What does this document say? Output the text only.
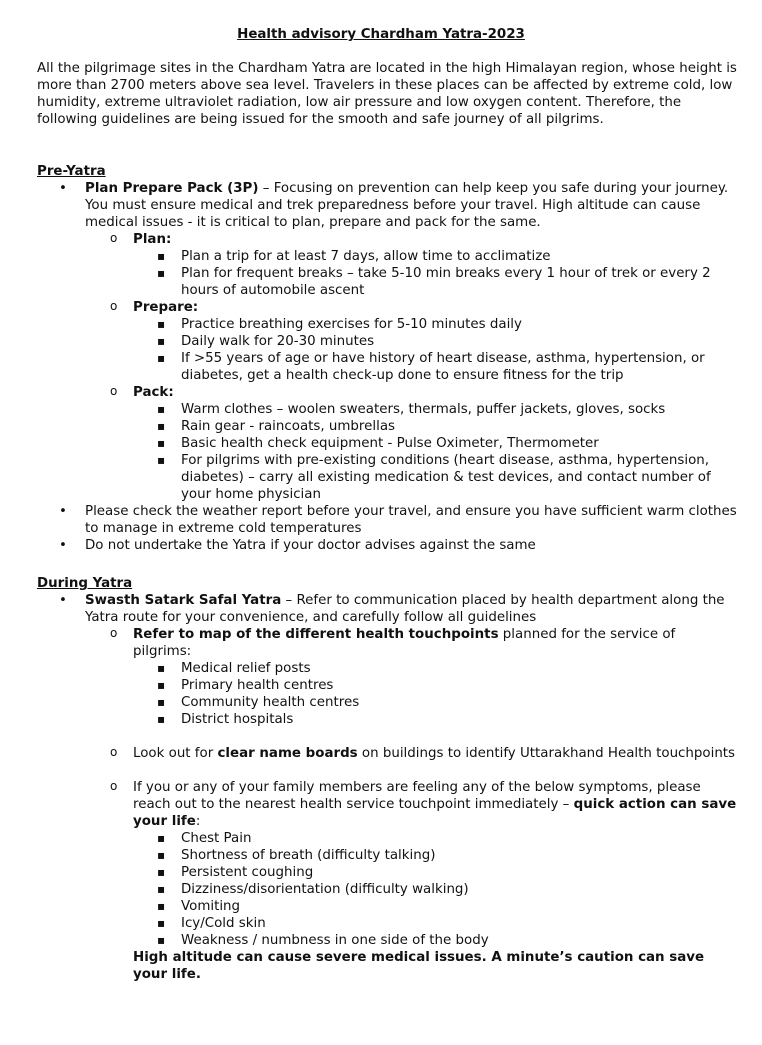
Health advisory Chardham Yatra-2023

All the pilgrimage sites in the Chardham Yatra are located in the high Himalayan region, whose height is more than 2700 meters above sea level. Travelers in these places can be affected by extreme cold, low humidity, extreme ultraviolet radiation, low air pressure and low oxygen content. Therefore, the following guidelines are being issued for the smooth and safe journey of all pilgrims.

Pre-Yatra
• Plan Prepare Pack (3P) – Focusing on prevention can help keep you safe during your journey. You must ensure medical and trek preparedness before your travel. High altitude can cause medical issues - it is critical to plan, prepare and pack for the same.
o Plan:
▪ Plan a trip for at least 7 days, allow time to acclimatize
▪ Plan for frequent breaks – take 5-10 min breaks every 1 hour of trek or every 2 hours of automobile ascent
o Prepare:
▪ Practice breathing exercises for 5-10 minutes daily
▪ Daily walk for 20-30 minutes
▪ If >55 years of age or have history of heart disease, asthma, hypertension, or diabetes, get a health check-up done to ensure fitness for the trip
o Pack:
▪ Warm clothes – woolen sweaters, thermals, puffer jackets, gloves, socks
▪ Rain gear - raincoats, umbrellas
▪ Basic health check equipment - Pulse Oximeter, Thermometer
▪ For pilgrims with pre-existing conditions (heart disease, asthma, hypertension, diabetes) – carry all existing medication & test devices, and contact number of your home physician
• Please check the weather report before your travel, and ensure you have sufficient warm clothes to manage in extreme cold temperatures
• Do not undertake the Yatra if your doctor advises against the same
During Yatra
• Swasth Satark Safal Yatra – Refer to communication placed by health department along the Yatra route for your convenience, and carefully follow all guidelines
o Refer to map of the different health touchpoints planned for the service of pilgrims:
▪ Medical relief posts
▪ Primary health centres
▪ Community health centres
▪ District hospitals
o Look out for clear name boards on buildings to identify Uttarakhand Health touchpoints
o If you or any of your family members are feeling any of the below symptoms, please reach out to the nearest health service touchpoint immediately – quick action can save your life:
▪ Chest Pain
▪ Shortness of breath (difficulty talking)
▪ Persistent coughing
▪ Dizziness/disorientation (difficulty walking)
▪ Vomiting
▪ Icy/Cold skin
▪ Weakness / numbness in one side of the body
High altitude can cause severe medical issues. A minute’s caution can save your life.
